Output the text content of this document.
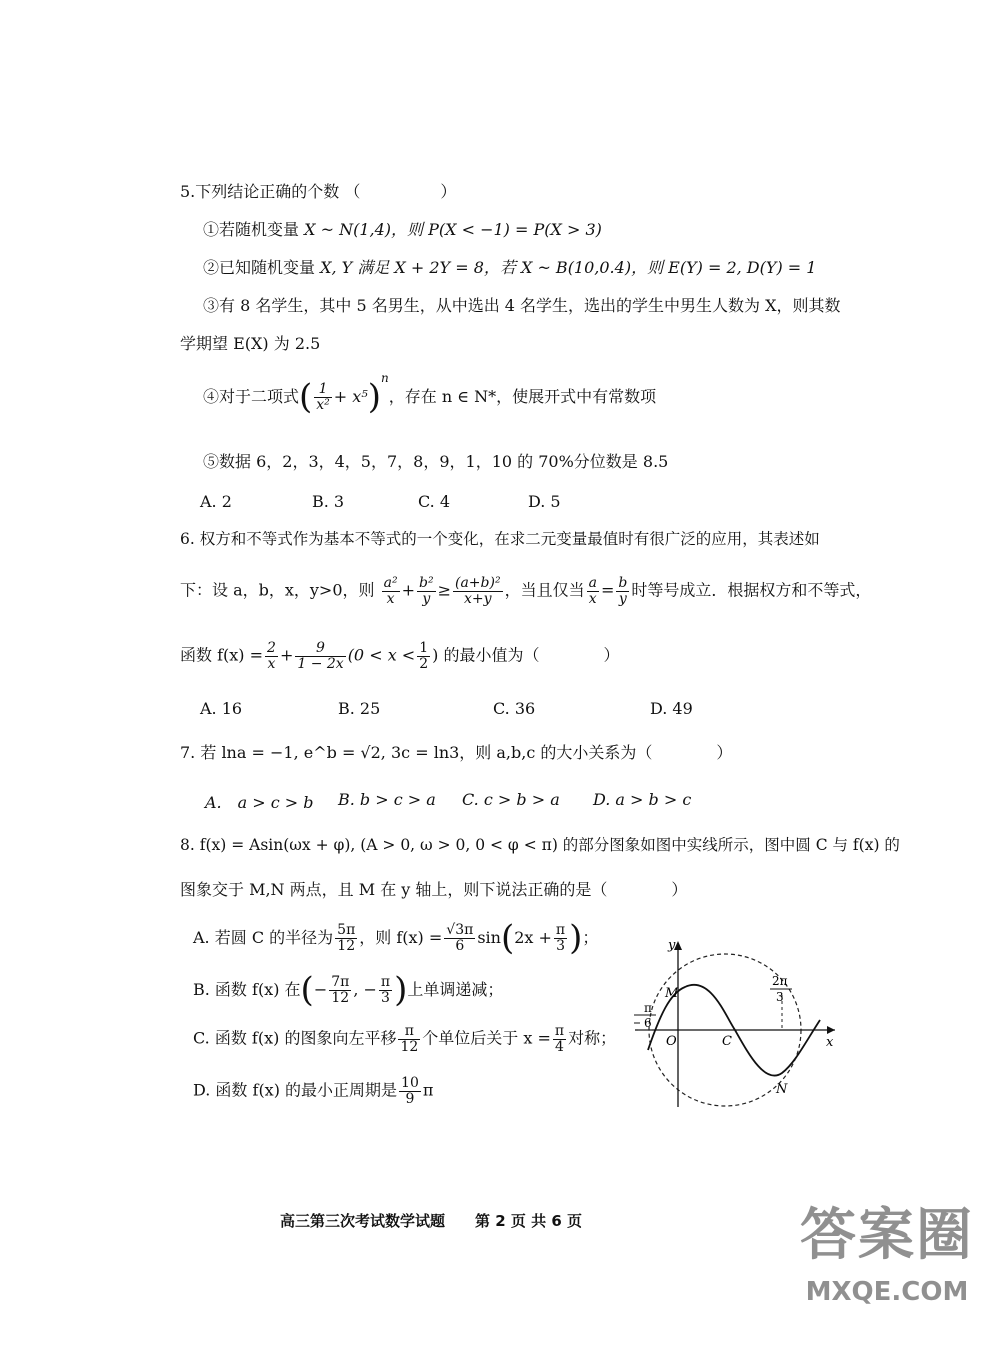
5.下列结论正确的个数 （　　　　　）
①若随机变量 X ~ N(1,4)，则 P(X < −1) = P(X > 3)
②已知随机变量 X, Y 满足 X + 2Y = 8，若 X ~ B(10,0.4)，则 E(Y) = 2, D(Y) = 1
③有 8 名学生，其中 5 名男生，从中选出 4 名学生，选出的学生中男生人数为 X，则其数
学期望 E(X) 为 2.5
④对于二项式( $\frac{1}{\text{x²}} + x^5)^n$，存在 n ∈ N*，使展开式中有常数项
⑤数据 6，2，3，4，5，7，8，9，1，10 的 70%分位数是 8.5
A. 2	B. 3	C. 4	D. 5
6. 权方和不等式作为基本不等式的一个变化，在求二元变量最值时有很广泛的应用，其表述如
下：设 a，b，x，y>0，则 $\frac{\text{a²}}{x} + \frac{\text{b²}}{y} \ge \frac{\text{(a+b)²}}{x+y}$ ，当且仅当 $\frac{a}{x} = \frac{b}{y}$ 时等号成立．根据权方和不等式，
函数 $f(x) = \frac{2}{x} + \frac{9}{1 - 2x} (0 < x < \frac{1}{2}$ ) 的最小值为（　　　　）
A. 16	B. 25	C. 36	D. 49
7. 若 lna = −1, e^b = √2, 3c = ln3，则 a,b,c 的大小关系为（　　　　）
A.　a > c > b B. b > c > a C. c > b > a D. a > b > c
8. f(x) = Asin(ωx + φ), (A > 0, ω > 0, 0 < φ < π) 的部分图象如图中实线所示，图中圆 C 与 f(x) 的
图象交于 M,N 两点，且 M 在 y 轴上，则下说法正确的是（　　　　）
A. 若圆 C 的半径为 $\frac{5\pi}{12}$ ，则 $f(x) = \frac{√3\pi}{6} \sin(2x + \frac{\pi}{3}$ )；
B. 函数 f(x) 在(− $\frac{7\pi}{12}$ , − $\frac{\pi}{3}$ )上单调递减；
C. 函数 f(x) 的图象向左平移 $\frac{\pi}{12}$ 个单位后关于 $x = \frac{\pi}{4}$ 对称；
D. 函数 f(x) 的最小正周期是 $\frac{10}{9}$ π
y
x
O
M
C
N
π
6
2π
3
高三第三次考试数学试题　　第 2 页 共 6 页	答案圈
MXQE.COM
